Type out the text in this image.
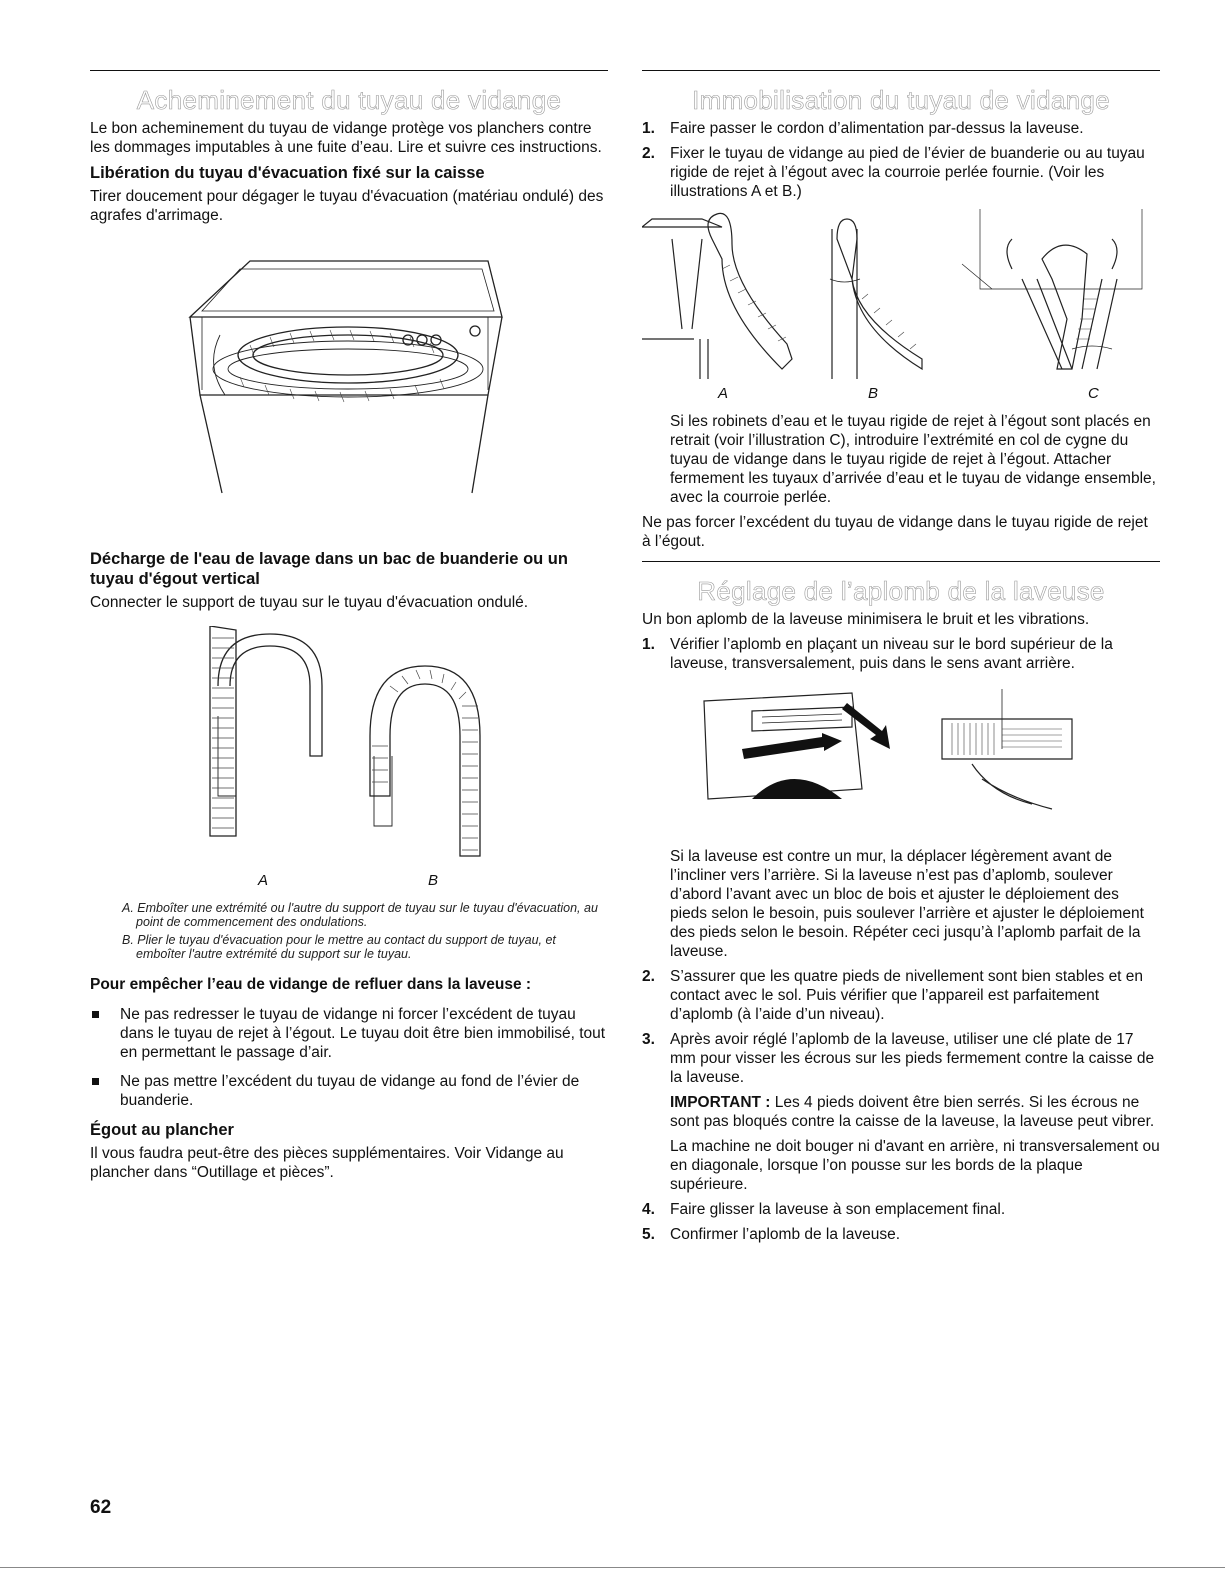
Acheminement du tuyau de vidange

Le bon acheminement du tuyau de vidange protège vos planchers contre les dommages imputables à une fuite d’eau. Lire et suivre ces instructions.

Libération du tuyau d'évacuation fixé sur la caisse

Tirer doucement pour dégager le tuyau d'évacuation (matériau ondulé) des agrafes d'arrimage.

Décharge de l'eau de lavage dans un bac de buanderie ou un tuyau d'égout vertical

Connecter le support de tuyau sur le tuyau d'évacuation ondulé.

A	B

A. Emboîter une extrémité ou l'autre du support de tuyau sur le tuyau d'évacuation, au point de commencement des ondulations.

B. Plier le tuyau d'évacuation pour le mettre au contact du support de tuyau, et emboîter l'autre extrémité du support sur le tuyau.

Pour empêcher l’eau de vidange de refluer dans la laveuse :
Ne pas redresser le tuyau de vidange ni forcer l’excédent de tuyau dans le tuyau de rejet à l’égout. Le tuyau doit être bien immobilisé, tout en permettant le passage d’air.
Ne pas mettre l’excédent du tuyau de vidange au fond de l’évier de buanderie.
Égout au plancher

Il vous faudra peut-être des pièces supplémentaires. Voir Vidange au plancher dans “Outillage et pièces”.

Immobilisation du tuyau de vidange
1. Faire passer le cordon d’alimentation par-dessus la laveuse.
2. Fixer le tuyau de vidange au pied de l’évier de buanderie ou au tuyau rigide de rejet à l’égout avec la courroie perlée fournie. (Voir les illustrations A et B.)
A	B	C

Si les robinets d’eau et le tuyau rigide de rejet à l’égout sont placés en retrait (voir l’illustration C), introduire l’extrémité en col de cygne du tuyau de vidange dans le tuyau rigide de rejet à l’égout. Attacher fermement les tuyaux d’arrivée d’eau et le tuyau de vidange ensemble, avec la courroie perlée.

Ne pas forcer l’excédent du tuyau de vidange dans le tuyau rigide de rejet à l’égout.

Réglage de l’aplomb de la laveuse

Un bon aplomb de la laveuse minimisera le bruit et les vibrations.

1. Vérifier l’aplomb en plaçant un niveau sur le bord supérieur de la laveuse, transversalement, puis dans le sens avant arrière.

Si la laveuse est contre un mur, la déplacer légèrement avant de l’incliner vers l’arrière. Si la laveuse n’est pas d’aplomb, soulever d’abord l’avant avec un bloc de bois et ajuster le déploiement des pieds selon le besoin, puis soulever l’arrière et ajuster le déploiement des pieds selon le besoin. Répéter ceci jusqu’à l’aplomb parfait de la laveuse.

2. S’assurer que les quatre pieds de nivellement sont bien stables et en contact avec le sol. Puis vérifier que l’appareil est parfaitement d’aplomb (à l’aide d’un niveau).
3. Après avoir réglé l’aplomb de la laveuse, utiliser une clé plate de 17 mm pour visser les écrous sur les pieds fermement contre la caisse de la laveuse.

IMPORTANT : Les 4 pieds doivent être bien serrés. Si les écrous ne sont pas bloqués contre la caisse de la laveuse, la laveuse peut vibrer.

La machine ne doit bouger ni d'avant en arrière, ni transversalement ou en diagonale, lorsque l’on pousse sur les bords de la plaque supérieure.

4. Faire glisser la laveuse à son emplacement final.
5. Confirmer l’aplomb de la laveuse.
62
